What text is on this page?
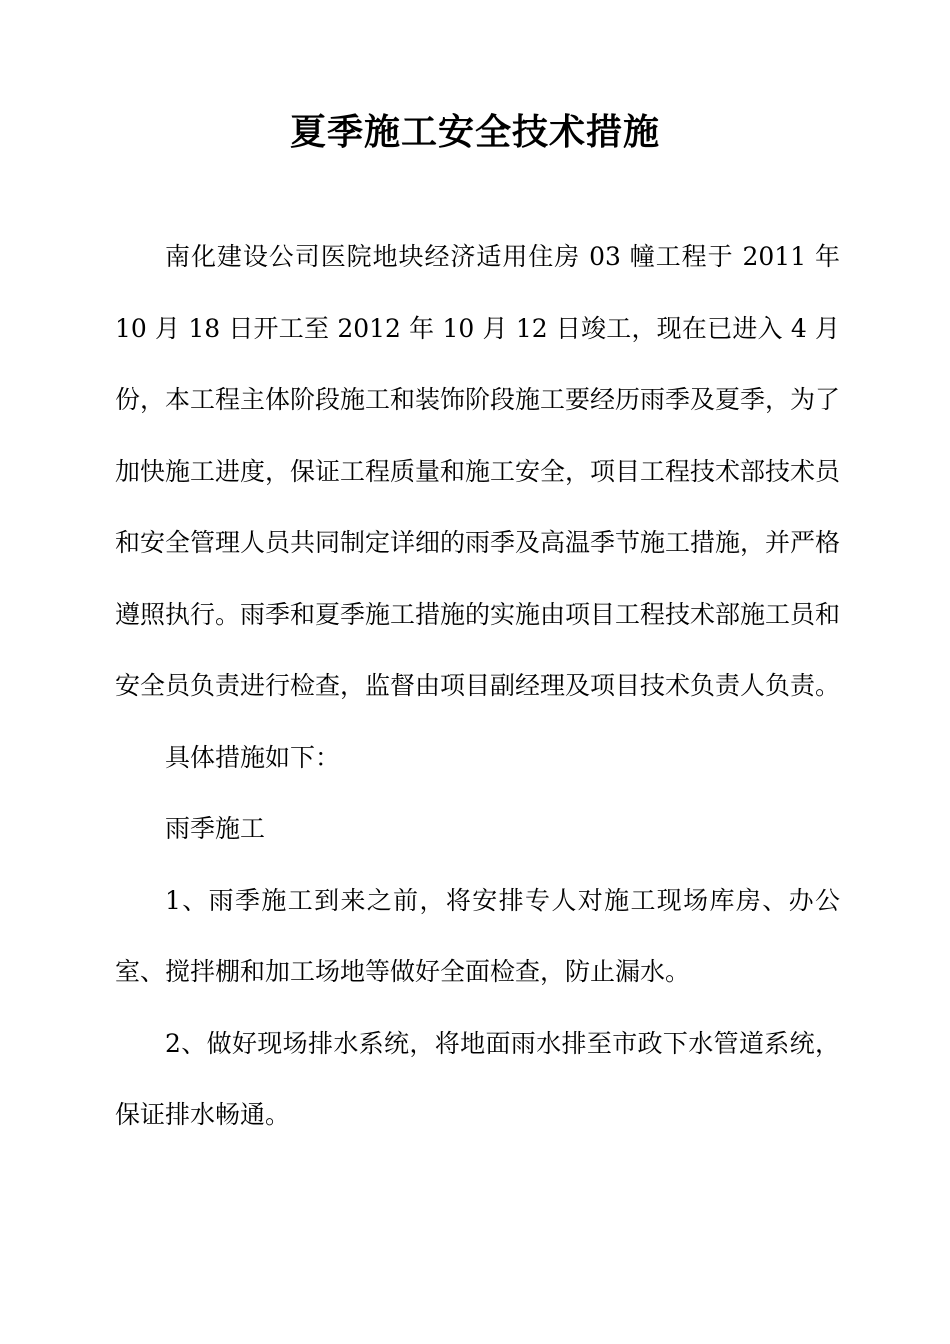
夏季施工安全技术措施

南化建设公司医院地块经济适用住房 03 幢工程于 2011 年 10 月 18 日开工至 2012 年 10 月 12 日竣工，现在已进入 4 月份，本工程主体阶段施工和装饰阶段施工要经历雨季及夏季，为了加快施工进度，保证工程质量和施工安全，项目工程技术部技术员和安全管理人员共同制定详细的雨季及高温季节施工措施，并严格遵照执行。雨季和夏季施工措施的实施由项目工程技术部施工员和安全员负责进行检查，监督由项目副经理及项目技术负责人负责。

具体措施如下：

雨季施工

1、雨季施工到来之前，将安排专人对施工现场库房、办公室、搅拌棚和加工场地等做好全面检查，防止漏水。

2、做好现场排水系统，将地面雨水排至市政下水管道系统，保证排水畅通。
